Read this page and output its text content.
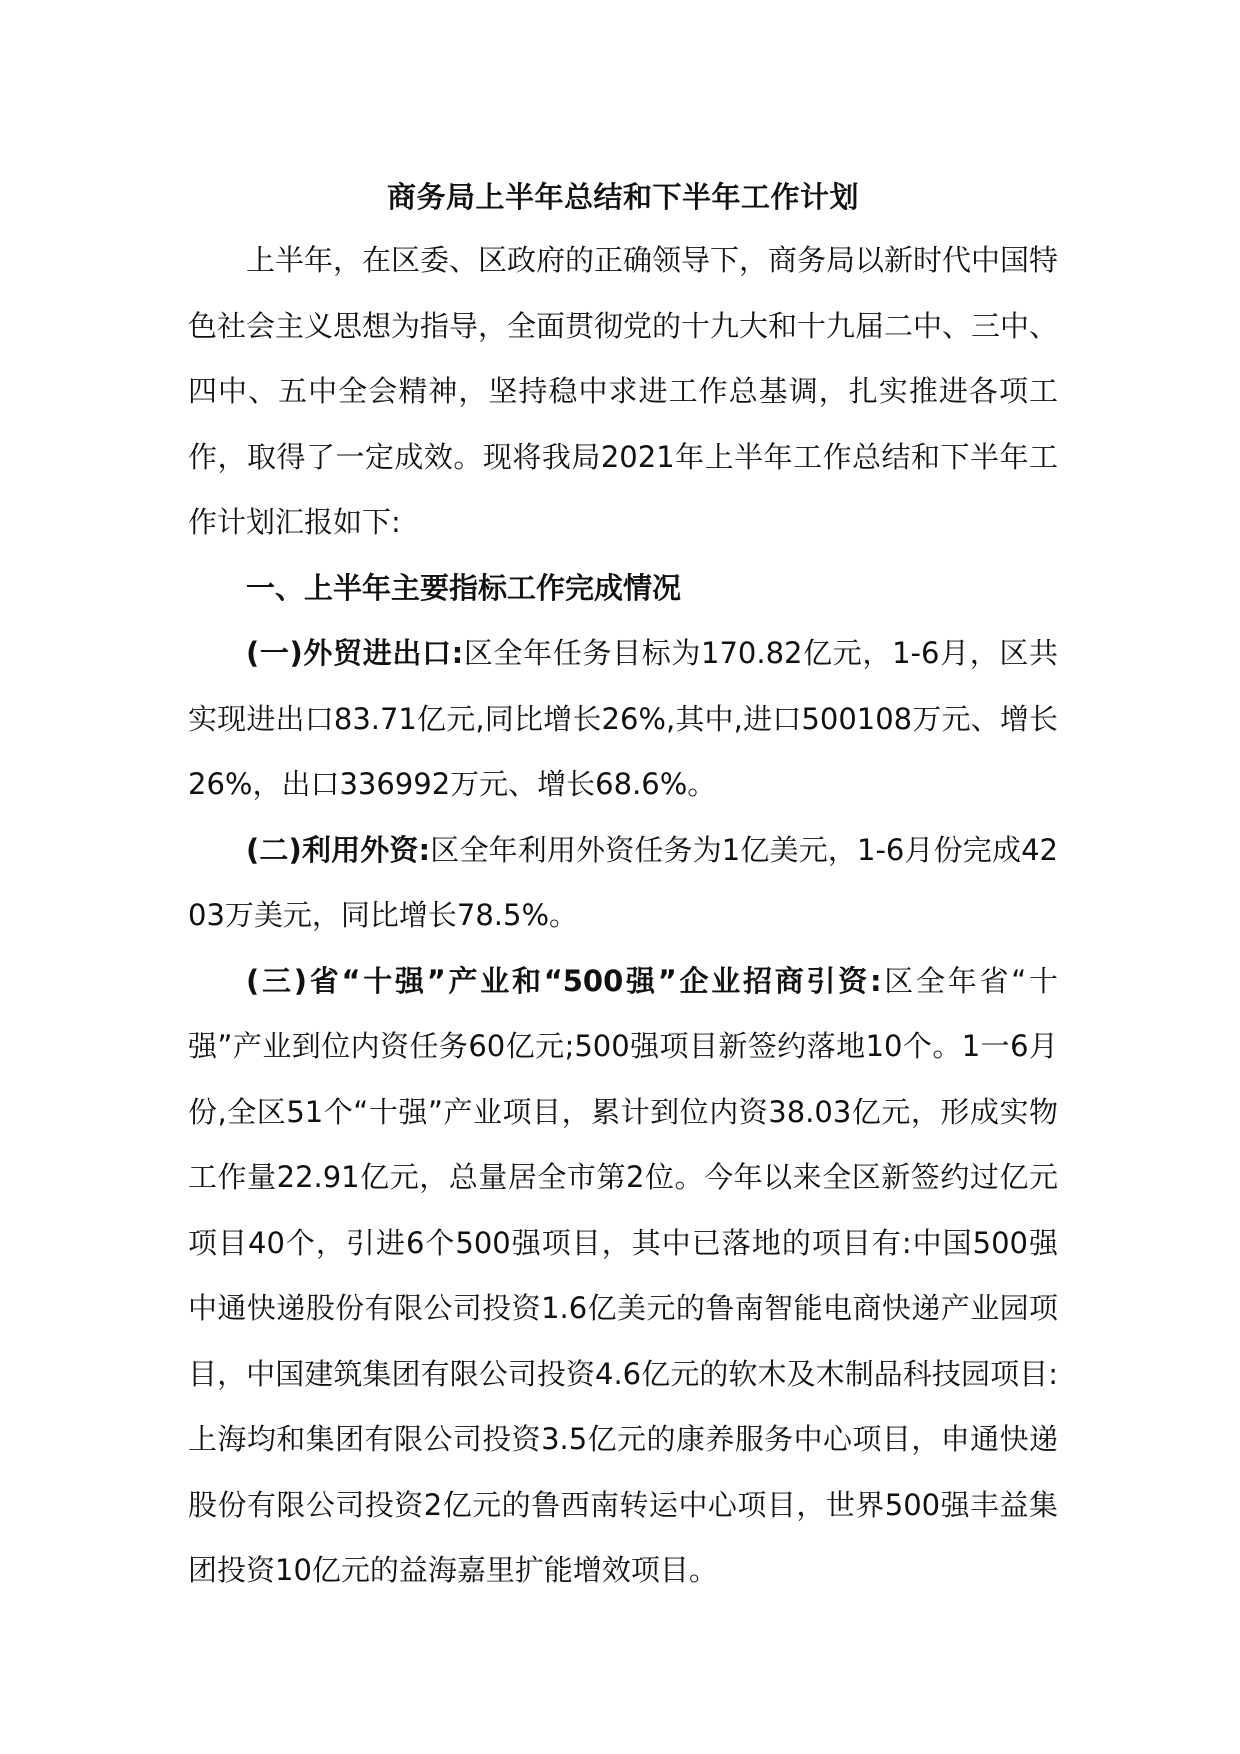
商务局上半年总结和下半年工作计划

上半年，在区委、区政府的正确领导下，商务局以新时代中国特色社会主义思想为指导，全面贯彻党的十九大和十九届二中、三中、四中、五中全会精神，坚持稳中求进工作总基调，扎实推进各项工作，取得了一定成效。现将我局2021年上半年工作总结和下半年工作计划汇报如下:

一、上半年主要指标工作完成情况

(一)外贸进出口:区全年任务目标为170.82亿元，1-6月，区共实现进出口83.71亿元,同比增长26%,其中,进口500108万元、增长26%，出口336992万元、增长68.6%。

(二)利用外资:区全年利用外资任务为1亿美元，1-6月份完成4203万美元，同比增长78.5%。

(三)省“十强”产业和“500强”企业招商引资:区全年省“十强”产业到位内资任务60亿元;500强项目新签约落地10个。1一6月份,全区51个“十强”产业项目，累计到位内资38.03亿元，形成实物工作量22.91亿元，总量居全市第2位。今年以来全区新签约过亿元项目40个，引进6个500强项目，其中已落地的项目有:中国500强中通快递股份有限公司投资1.6亿美元的鲁南智能电商快递产业园项目，中国建筑集团有限公司投资4.6亿元的软木及木制品科技园项目:上海均和集团有限公司投资3.5亿元的康养服务中心项目，申通快递股份有限公司投资2亿元的鲁西南转运中心项目，世界500强丰益集团投资10亿元的益海嘉里扩能增效项目。
